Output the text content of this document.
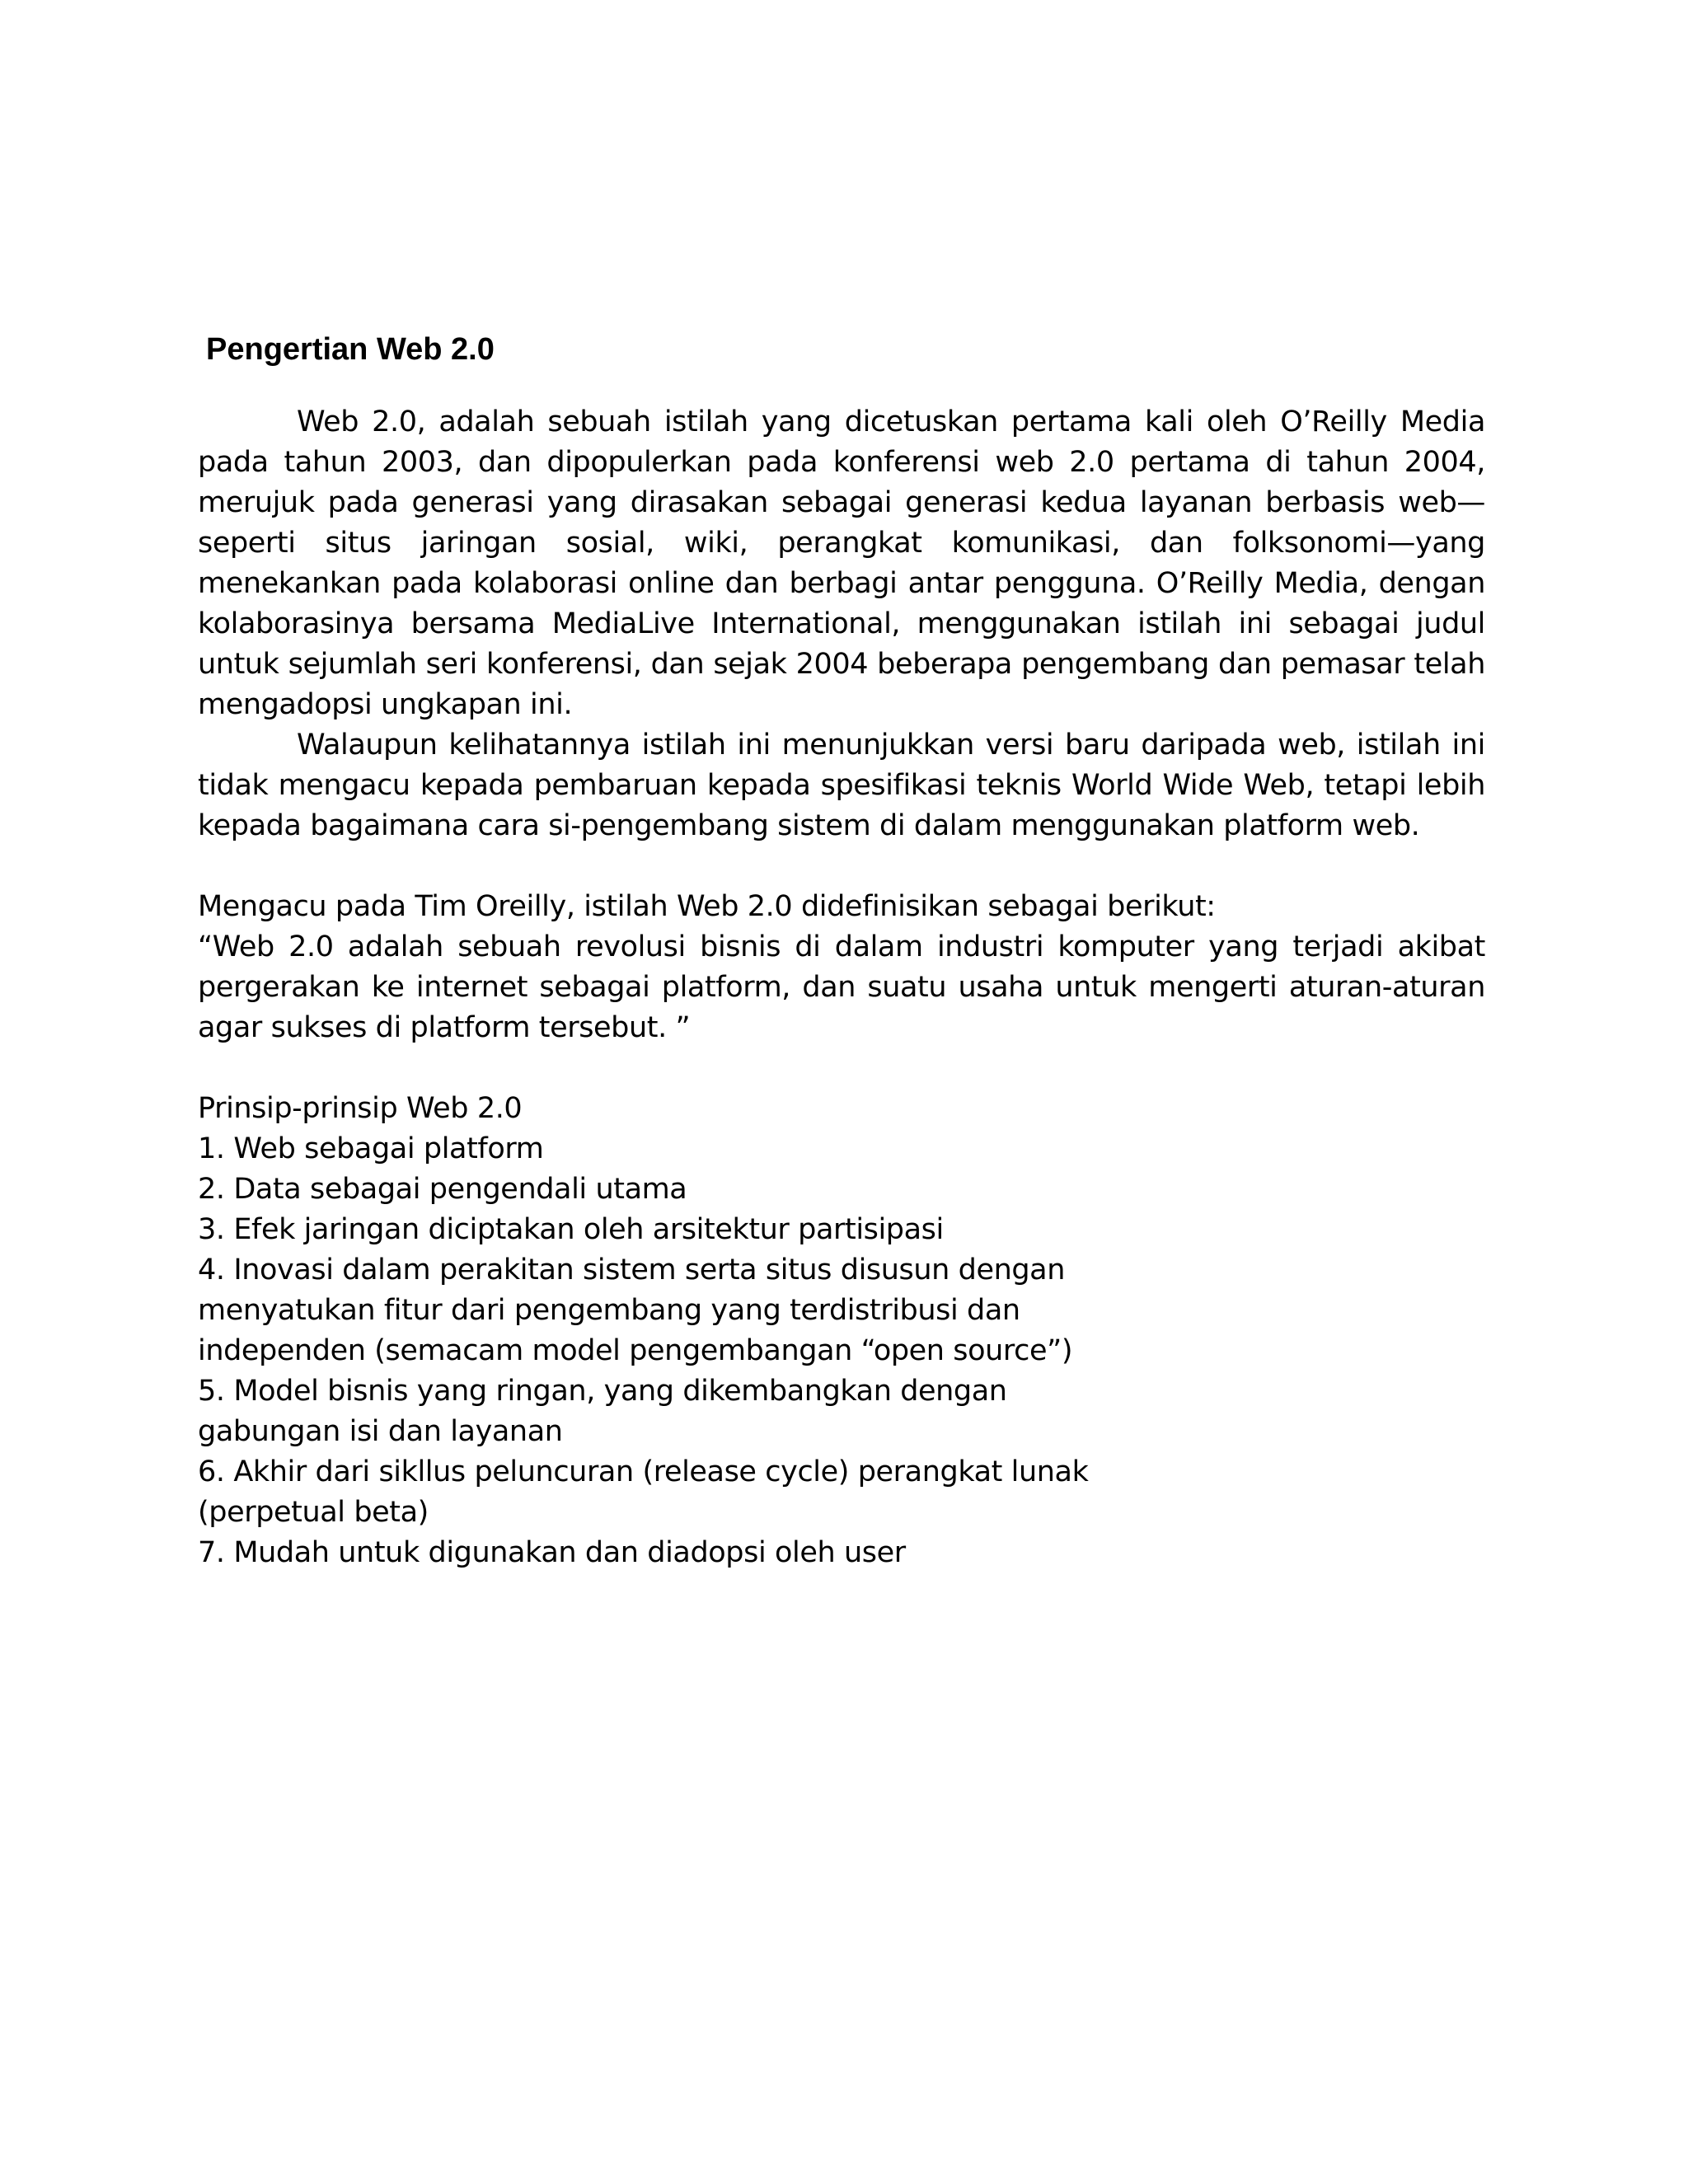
Pengertian Web 2.0

Web 2.0, adalah sebuah istilah yang dicetuskan pertama kali oleh O’Reilly Media pada tahun 2003, dan dipopulerkan pada konferensi web 2.0 pertama di tahun 2004, merujuk pada generasi yang dirasakan sebagai generasi kedua layanan berbasis web—seperti situs jaringan sosial, wiki, perangkat komunikasi, dan folksonomi—yang menekankan pada kolaborasi online dan berbagi antar pengguna. O’Reilly Media, dengan kolaborasinya bersama MediaLive International, menggunakan istilah ini sebagai judul untuk sejumlah seri konferensi, dan sejak 2004 beberapa pengembang dan pemasar telah mengadopsi ungkapan ini.

Walaupun kelihatannya istilah ini menunjukkan versi baru daripada web, istilah ini tidak mengacu kepada pembaruan kepada spesifikasi teknis World Wide Web, tetapi lebih kepada bagaimana cara si-pengembang sistem di dalam menggunakan platform web.

Mengacu pada Tim Oreilly, istilah Web 2.0 didefinisikan sebagai berikut:

“Web 2.0 adalah sebuah revolusi bisnis di dalam industri komputer yang terjadi akibat pergerakan ke internet sebagai platform, dan suatu usaha untuk mengerti aturan-aturan agar sukses di platform tersebut. ”

Prinsip-prinsip Web 2.0

1. Web sebagai platform
2. Data sebagai pengendali utama
3. Efek jaringan diciptakan oleh arsitektur partisipasi
4. Inovasi dalam perakitan sistem serta situs disusun dengan menyatukan fitur dari pengembang yang terdistribusi dan independen (semacam model pengembangan “open source”)
5. Model bisnis yang ringan, yang dikembangkan dengan gabungan isi dan layanan
6. Akhir dari sikllus peluncuran (release cycle) perangkat lunak (perpetual beta)
7. Mudah untuk digunakan dan diadopsi oleh user
